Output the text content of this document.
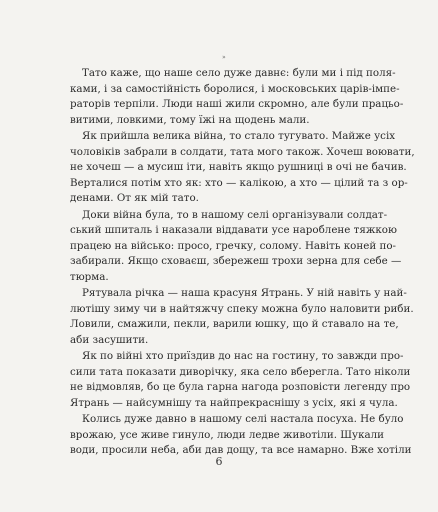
»

Тато каже, що наше село дуже давнє: були ми і під поля-
ками, і за самостійність боролися, і московських царів-імпе-
раторів терпіли. Люди наші жили скромно, але були працьо-
витими, ловкими, тому їжі на щодень мали.

Як прийшла велика війна, то стало тугувато. Майже усіх
чоловіків забрали в солдати, тата мого також. Хочеш воювати,
не хочеш — а мусиш іти, навіть якщо рушниці в очі не бачив.
Верталися потім хто як: хто — калікою, а хто — цілий та з ор-
денами. От як мій тато.

Доки війна була, то в нашому селі організували солдат-
ський шпиталь і наказали віддавати усе нароблене тяжкою
працею на військо: просо, гречку, солому. Навіть коней по-
забирали. Якщо сховаєш, збережеш трохи зерна для себе —
тюрма.

Рятувала річка — наша красуня Ятрань. У ній навіть у най-
лютішу зиму чи в найтяжчу спеку можна було наловити риби.
Ловили, смажили, пекли, варили юшку, що й ставало на те,
аби засушити.

Як по війні хто приїздив до нас на гостину, то завжди про-
сили тата показати диворічку, яка село вберегла. Тато ніколи
не відмовляв, бо це була гарна нагода розповісти легенду про
Ятрань — найсумнішу та найпрекраснішу з усіх, які я чула.

Колись дуже давно в нашому селі настала посуха. Не було
врожаю, усе живе гинуло, люди ледве животіли. Шукали
води, просили неба, аби дав дощу, та все намарно. Вже хотіли

6
